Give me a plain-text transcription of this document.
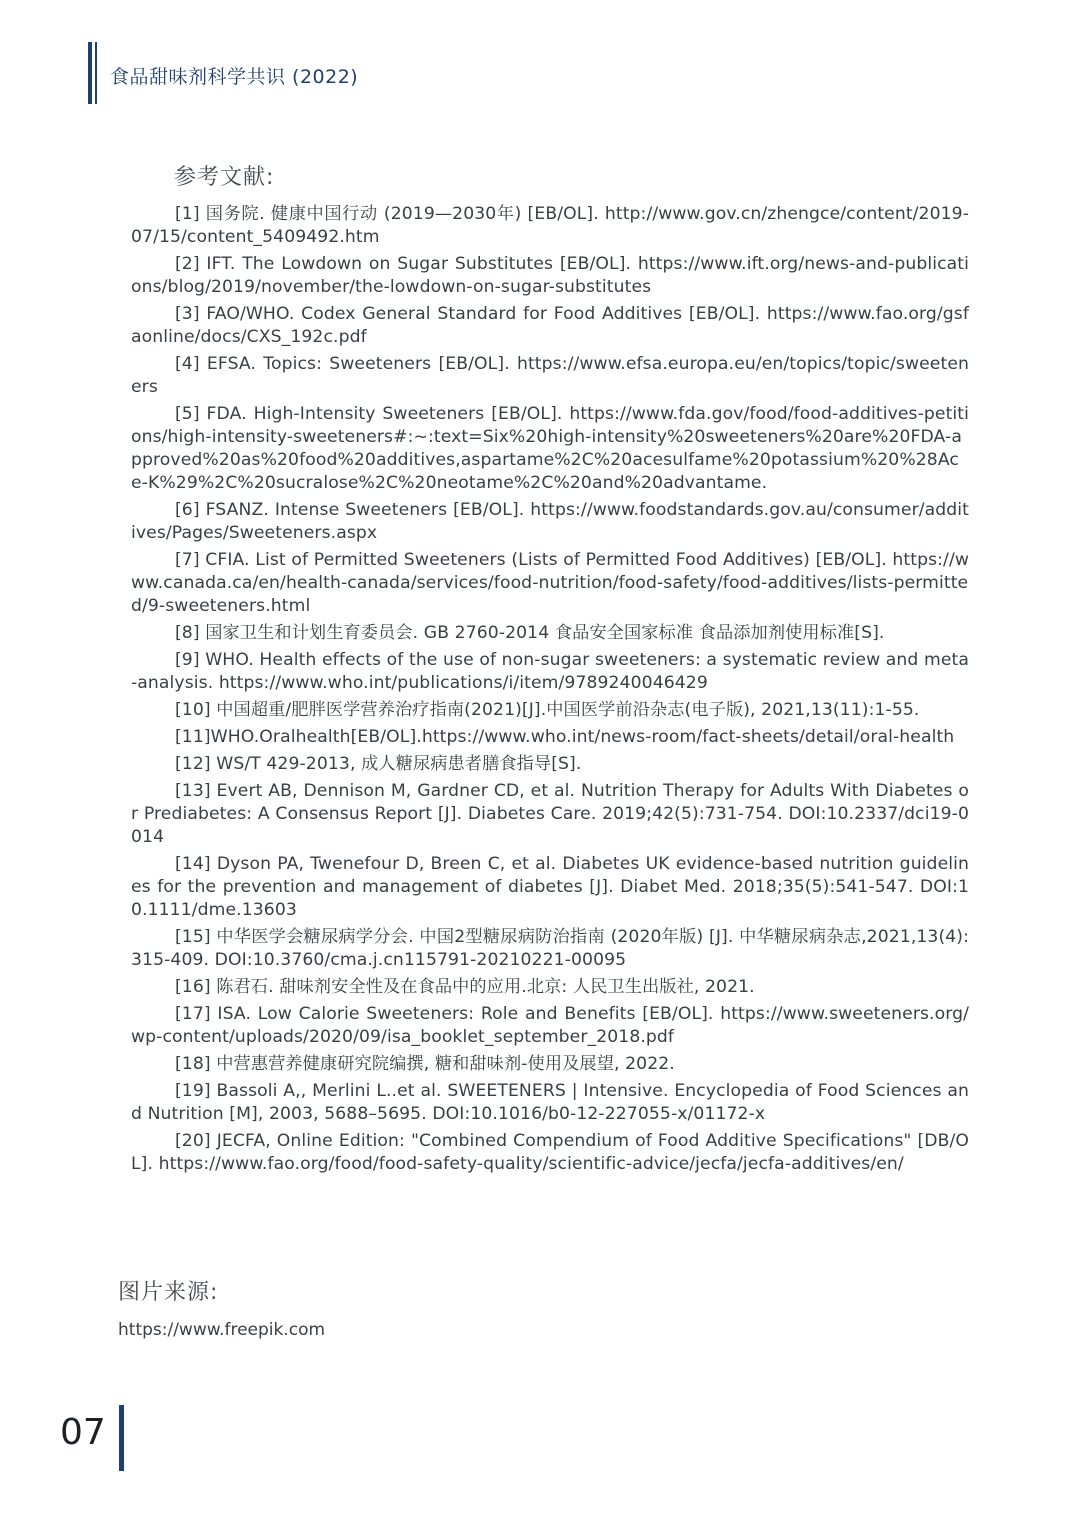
食品甜味剂科学共识 (2022)
参考文献:
[1] 国务院. 健康中国行动 (2019—2030年) [EB/OL]. http://www.gov.cn/zhengce/content/2019-07/15/content_5409492.htm
[2] IFT. The Lowdown on Sugar Substitutes [EB/OL]. https://www.ift.org/news-and-publications/blog/2019/november/the-lowdown-on-sugar-substitutes
[3] FAO/WHO. Codex General Standard for Food Additives [EB/OL]. https://www.fao.org/gsfaonline/docs/CXS_192c.pdf
[4] EFSA. Topics: Sweeteners [EB/OL]. https://www.efsa.europa.eu/en/topics/topic/sweeteners
[5] FDA. High-Intensity Sweeteners [EB/OL]. https://www.fda.gov/food/food-additives-petitions/high-intensity-sweeteners#:~:text=Six%20high-intensity%20sweeteners%20are%20FDA-approved%20as%20food%20additives,aspartame%2C%20acesulfame%20potassium%20%28Ace-K%29%2C%20sucralose%2C%20neotame%2C%20and%20advantame.
[6] FSANZ. Intense Sweeteners [EB/OL]. https://www.foodstandards.gov.au/consumer/additives/Pages/Sweeteners.aspx
[7] CFIA. List of Permitted Sweeteners (Lists of Permitted Food Additives) [EB/OL]. https://www.canada.ca/en/health-canada/services/food-nutrition/food-safety/food-additives/lists-permitted/9-sweeteners.html
[8] 国家卫生和计划生育委员会. GB 2760-2014 食品安全国家标准 食品添加剂使用标准[S].
[9] WHO. Health effects of the use of non-sugar sweeteners: a systematic review and meta-analysis. https://www.who.int/publications/i/item/9789240046429
[10] 中国超重/肥胖医学营养治疗指南(2021)[J].中国医学前沿杂志(电子版), 2021,13(11):1-55.
[11]WHO.Oralhealth[EB/OL].https://www.who.int/news-room/fact-sheets/detail/oral-health
[12] WS/T 429-2013, 成人糖尿病患者膳食指导[S].
[13] Evert AB, Dennison M, Gardner CD, et al. Nutrition Therapy for Adults With Diabetes or Prediabetes: A Consensus Report [J]. Diabetes Care. 2019;42(5):731-754. DOI:10.2337/dci19-0014
[14] Dyson PA, Twenefour D, Breen C, et al. Diabetes UK evidence-based nutrition guidelines for the prevention and management of diabetes [J]. Diabet Med. 2018;35(5):541-547. DOI:10.1111/dme.13603
[15] 中华医学会糖尿病学分会. 中国2型糖尿病防治指南 (2020年版) [J]. 中华糖尿病杂志,2021,13(4):315-409. DOI:10.3760/cma.j.cn115791-20210221-00095
[16] 陈君石. 甜味剂安全性及在食品中的应用.北京: 人民卫生出版社, 2021.
[17] ISA. Low Calorie Sweeteners: Role and Benefits [EB/OL]. https://www.sweeteners.org/wp-content/uploads/2020/09/isa_booklet_september_2018.pdf
[18] 中营惠营养健康研究院编撰, 糖和甜味剂-使用及展望, 2022.
[19] Bassoli A,, Merlini L..et al. SWEETENERS | Intensive. Encyclopedia of Food Sciences and Nutrition [M], 2003, 5688–5695. DOI:10.1016/b0-12-227055-x/01172-x
[20] JECFA, Online Edition: "Combined Compendium of Food Additive Specifications" [DB/OL]. https://www.fao.org/food/food-safety-quality/scientific-advice/jecfa/jecfa-additives/en/
图片来源:
https://www.freepik.com
07
